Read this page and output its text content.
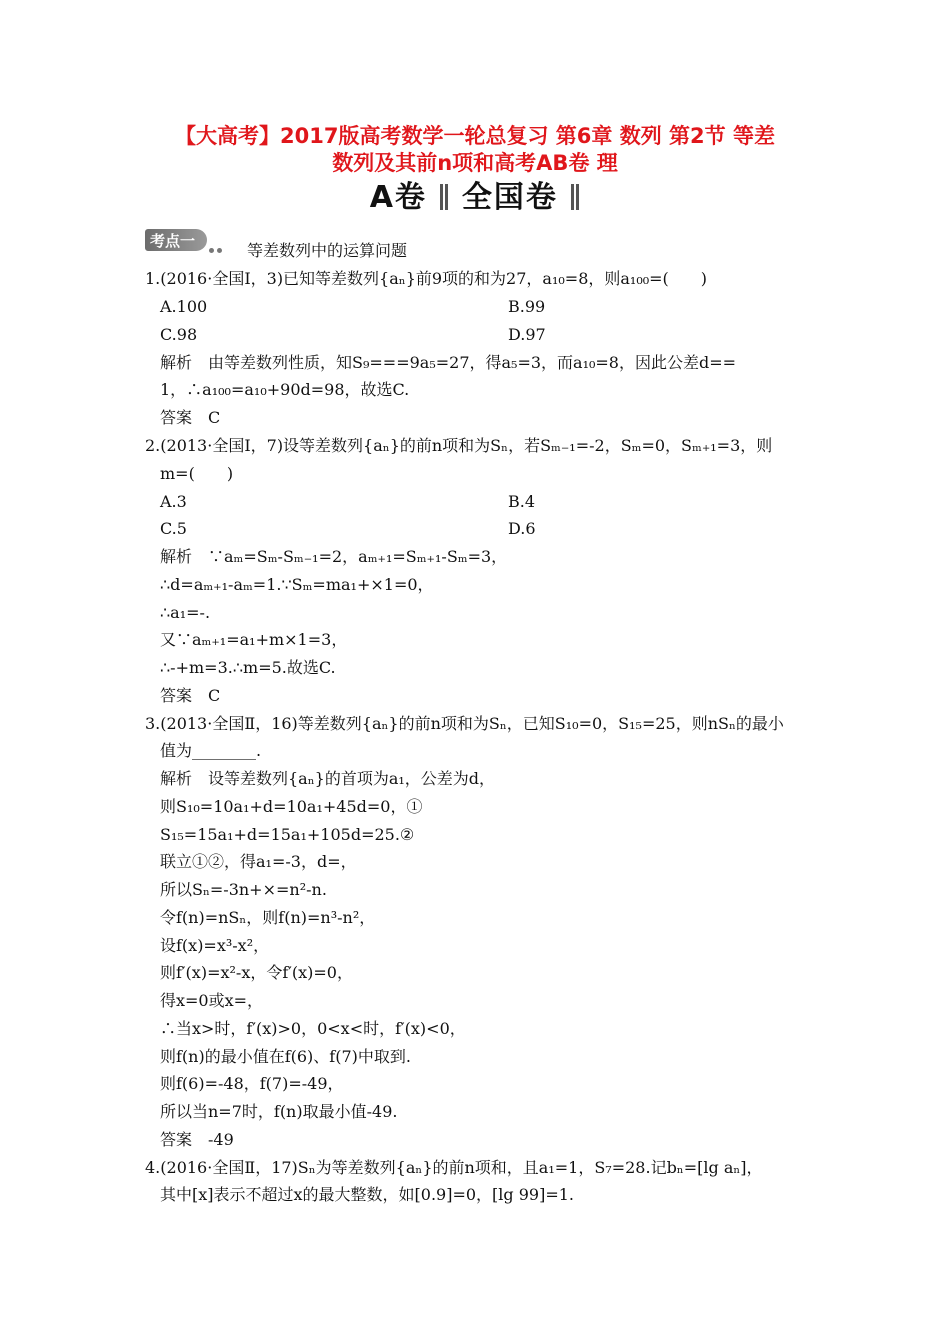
【大高考】2017版高考数学一轮总复习 第6章 数列 第2节 等差
数列及其前n项和高考AB卷 理
A卷 全国卷
考点一	等差数列中的运算问题
1.(2016·全国Ⅰ，3)已知等差数列{aₙ}前9项的和为27，a₁₀=8，则a₁₀₀=(　　)
A.100	B.99
C.98	D.97
解析　由等差数列性质，知S₉===9a₅=27，得a₅=3，而a₁₀=8，因此公差d==
1，∴a₁₀₀=a₁₀+90d=98，故选C.
答案　C
2.(2013·全国Ⅰ，7)设等差数列{aₙ}的前n项和为Sₙ，若Sₘ₋₁=-2，Sₘ=0，Sₘ₊₁=3，则
m=(　　)
A.3	B.4
C.5	D.6
解析　∵aₘ=Sₘ-Sₘ₋₁=2，aₘ₊₁=Sₘ₊₁-Sₘ=3，
∴d=aₘ₊₁-aₘ=1.∵Sₘ=ma₁+×1=0，
∴a₁=-.
又∵aₘ₊₁=a₁+m×1=3，
∴-+m=3.∴m=5.故选C.
答案　C
3.(2013·全国Ⅱ，16)等差数列{aₙ}的前n项和为Sₙ，已知S₁₀=0，S₁₅=25，则nSₙ的最小
值为________.
解析　设等差数列{aₙ}的首项为a₁，公差为d，
则S₁₀=10a₁+d=10a₁+45d=0，①
S₁₅=15a₁+d=15a₁+105d=25.②
联立①②，得a₁=-3，d=，
所以Sₙ=-3n+×=n²-n.
令f(n)=nSₙ，则f(n)=n³-n²，
设f(x)=x³-x²，
则f′(x)=x²-x，令f′(x)=0，
得x=0或x=，
∴当x>时，f′(x)>0，0<x<时，f′(x)<0，
则f(n)的最小值在f(6)、f(7)中取到.
则f(6)=-48，f(7)=-49，
所以当n=7时，f(n)取最小值-49.
答案　-49
4.(2016·全国Ⅱ，17)Sₙ为等差数列{aₙ}的前n项和，且a₁=1，S₇=28.记bₙ=[lg aₙ]，
其中[x]表示不超过x的最大整数，如[0.9]=0，[lg 99]=1.
